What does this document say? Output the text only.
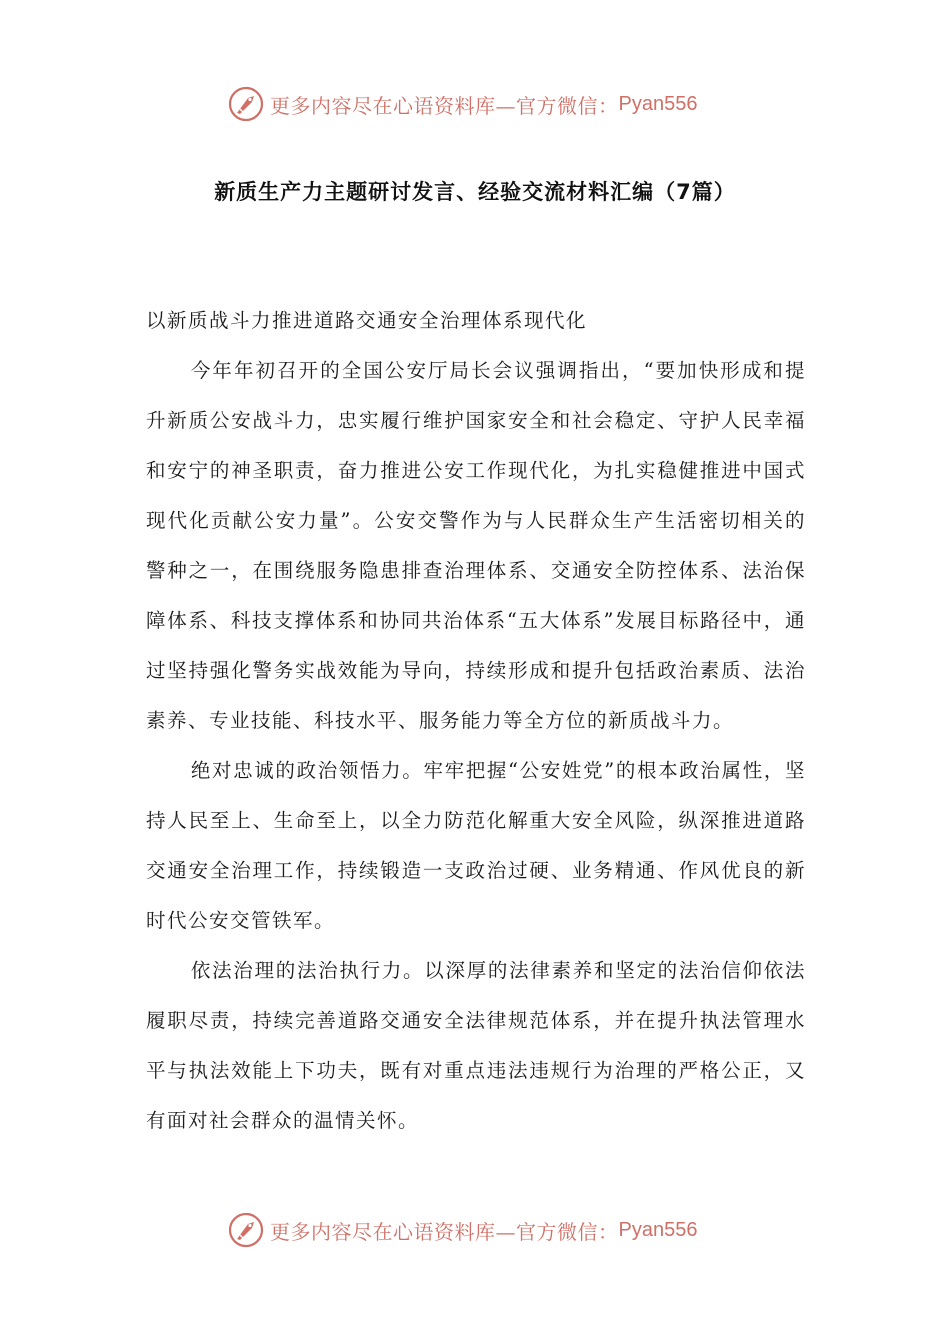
更多内容尽在心语资料库—官方微信： Pyan556
新质生产力主题研讨发言、经验交流材料汇编（7篇）

以新质战斗力推进道路交通安全治理体系现代化

今年年初召开的全国公安厅局长会议强调指出，“要加快形成和提升新质公安战斗力，忠实履行维护国家安全和社会稳定、守护人民幸福和安宁的神圣职责，奋力推进公安工作现代化，为扎实稳健推进中国式现代化贡献公安力量”。公安交警作为与人民群众生产生活密切相关的警种之一，在围绕服务隐患排查治理体系、交通安全防控体系、法治保障体系、科技支撑体系和协同共治体系“五大体系”发展目标路径中，通过坚持强化警务实战效能为导向，持续形成和提升包括政治素质、法治素养、专业技能、科技水平、服务能力等全方位的新质战斗力。

绝对忠诚的政治领悟力。牢牢把握“公安姓党”的根本政治属性，坚持人民至上、生命至上，以全力防范化解重大安全风险，纵深推进道路交通安全治理工作，持续锻造一支政治过硬、业务精通、作风优良的新时代公安交管铁军。

依法治理的法治执行力。以深厚的法律素养和坚定的法治信仰依法履职尽责，持续完善道路交通安全法律规范体系，并在提升执法管理水平与执法效能上下功夫，既有对重点违法违规行为治理的严格公正，又有面对社会群众的温情关怀。

更多内容尽在心语资料库—官方微信： Pyan556
